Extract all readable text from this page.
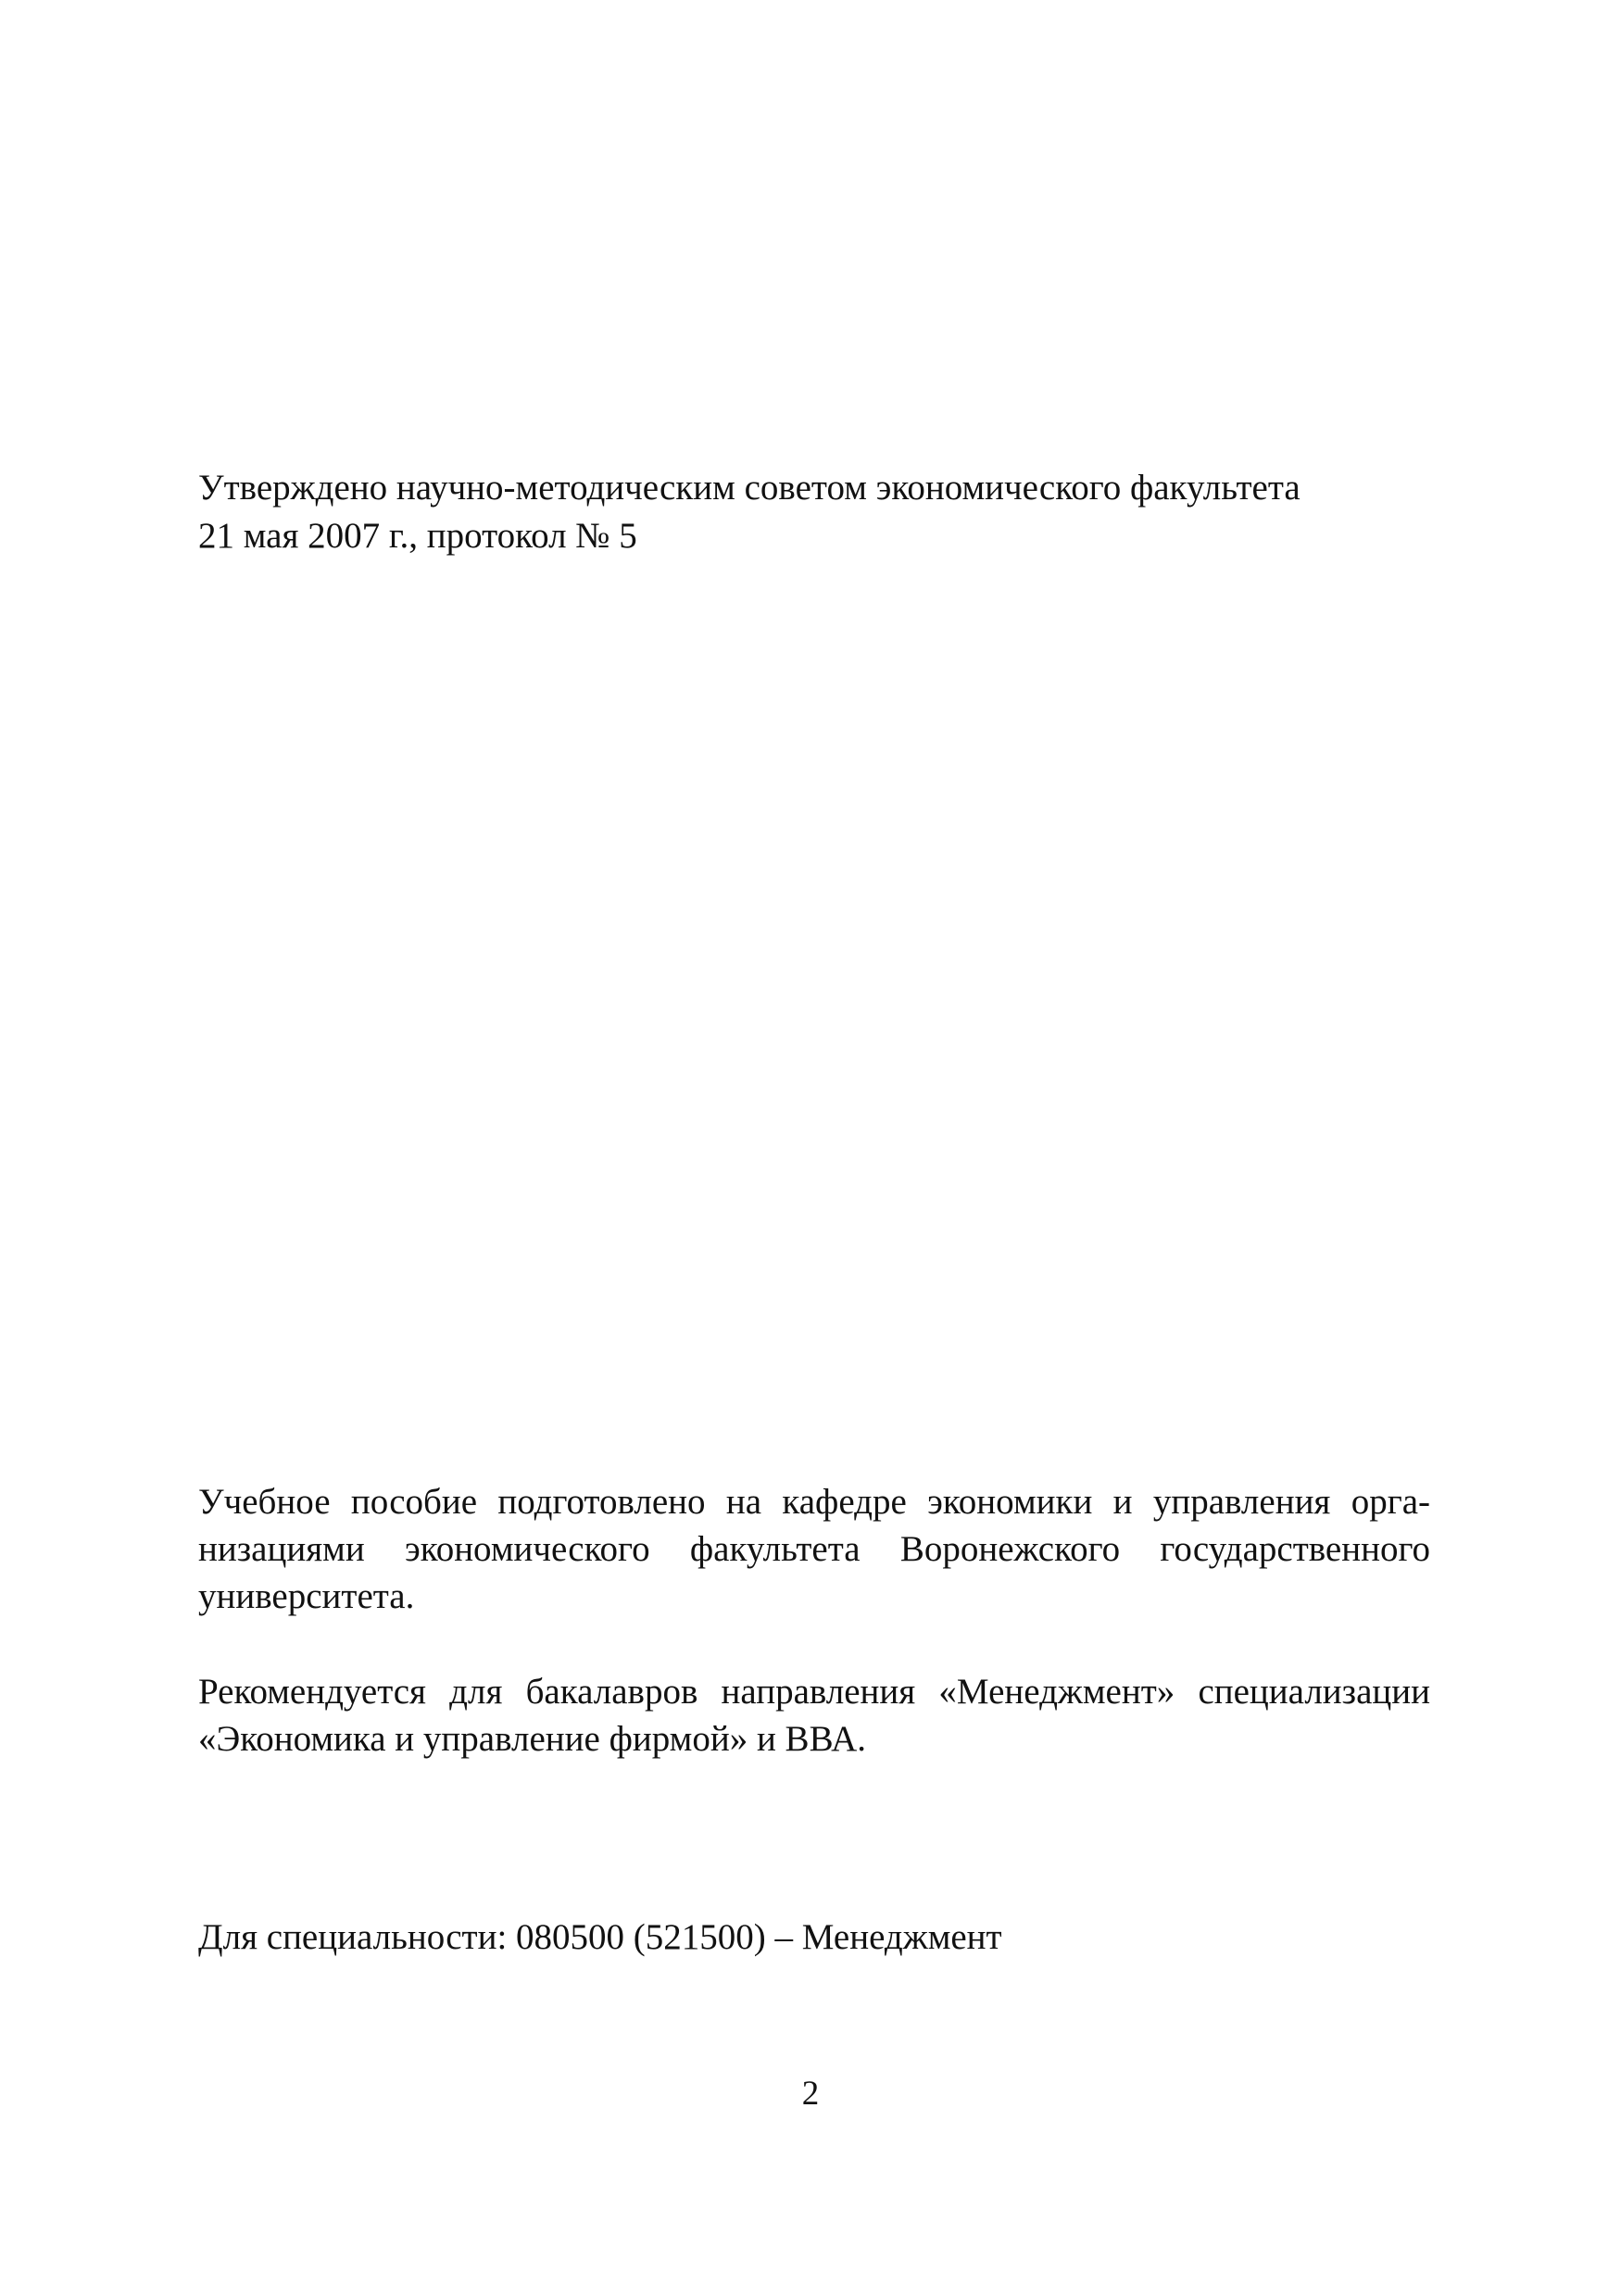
Утверждено научно-методическим советом экономического факультета
21 мая 2007 г., протокол № 5

Учебное пособие подготовлено на кафедре экономики и управления орга-
низациями экономического факультета Воронежского государственного
университета.

Рекомендуется для бакалавров направления «Менеджмент» специализации
«Экономика и управление фирмой» и ВВА.

Для специальности: 080500 (521500) – Менеджмент
2
